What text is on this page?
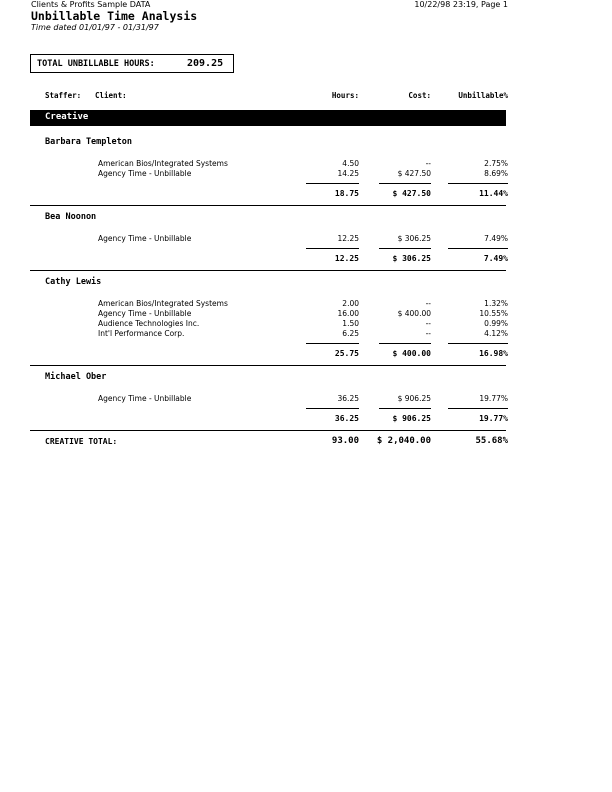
Clients & Profits Sample DATA	10/22/98 23:19, Page 1
Unbillable Time Analysis
Time dated 01/01/97 - 01/31/97
TOTAL UNBILLABLE HOURS:	209.25
Staffer: Client:	Hours:	Cost:	Unbillable%
Creative
Barbara Templeton
American Bios/Integrated Systems	4.50	--	2.75%
Agency Time - Unbillable	14.25	$ 427.50	8.69%
18.75	$ 427.50	11.44%
Bea Noonon
Agency Time - Unbillable	12.25	$ 306.25	7.49%
12.25	$ 306.25	7.49%
Cathy Lewis
American Bios/Integrated Systems	2.00	--	1.32%
Agency Time - Unbillable	16.00	$ 400.00	10.55%
Audience Technologies Inc.	1.50	--	0.99%
Int'l Performance Corp.	6.25	--	4.12%
25.75	$ 400.00	16.98%
Michael Ober
Agency Time - Unbillable	36.25	$ 906.25	19.77%
36.25	$ 906.25	19.77%
CREATIVE TOTAL:	93.00 $ 2,040.00	55.68%
